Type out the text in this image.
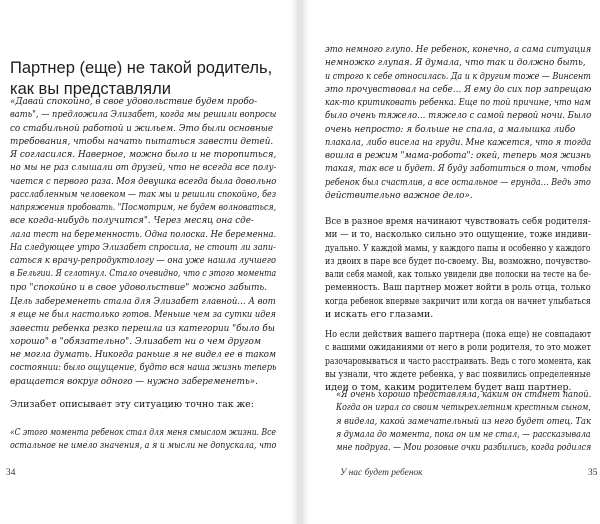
Партнер (еще) не такой родитель,
как вы представляли
«Давай спокойно, в свое удовольствие будем пробо-
вать", — предложила Элизабет, когда мы решили вопросы
со стабильной работой и жильем. Это были основные
требования, чтобы начать пытаться завести детей.
Я согласился. Наверное, можно было и не торопиться,
но мы не раз слышали от друзей, что не всегда все полу-
чается с первого раза. Моя девушка всегда была довольно
расслабленным человеком — так мы и решили спокойно, без
напряжения пробовать. "Посмотрим, не будем волноваться,
все когда-нибудь получится". Через месяц она сде-
лала тест на беременность. Одна полоска. Не беременна.
На следующее утро Элизабет спросила, не стоит ли запи-
саться к врачу-репродуктологу — она уже нашла лучшего
в Бельгии. Я сглотнул. Стало очевидно, что с этого момента
про "спокойно и в свое удовольствие" можно забыть.
Цель забеременеть стала для Элизабет главной… А вот
я еще не был настолько готов. Меньше чем за сутки идея
завести ребенка резко перешла из категории "было бы
хорошо" в "обязательно". Элизабет ни о чем другом
не могла думать. Никогда раньше я не видел ее в таком
состоянии: было ощущение, будто вся наша жизнь теперь
вращается вокруг одного — нужно забеременеть».
Элизабет описывает эту ситуацию точно так же:
«С этого момента ребенок стал для меня смыслом жизни. Все
остальное не имело значения, а я и мысли не допускала, что
34
это немного глупо. Не ребенок, конечно, а сама ситуация
немножко глупая. Я думала, что так и должно быть,
и строго к себе относилась. Да и к другим тоже — Винсент
это прочувствовал на себе… Я ему до сих пор запрещаю
как-то критиковать ребенка. Еще по той причине, что нам
было очень тяжело… тяжело с самой первой ночи. Было
очень непросто: я больше не спала, а малышка либо
плакала, либо висела на груди. Мне кажется, что я тогда
вошла в режим "мама-робота": окей, теперь моя жизнь
такая, так все и будет. Я буду заботиться о том, чтобы
ребенок был счастлив, а все остальное — ерунда… Ведь это
действительно важное дело».
Все в разное время начинают чувствовать себя родителя-
ми — и то, насколько сильно это ощущение, тоже индиви-
дуально. У каждой мамы, у каждого папы и особенно у каждого
из двоих в паре все будет по-своему. Вы, возможно, почувство-
вали себя мамой, как только увидели две полоски на тесте на бе-
ременность. Ваш партнер может войти в роль отца, только
когда ребенок впервые закричит или когда он начнет улыбаться
и искать его глазами.
Но если действия вашего партнера (пока еще) не совпадают
с вашими ожиданиями от него в роли родителя, то это может
разочаровываться и часто расстраивать. Ведь с того момента, как
вы узнали, что ждете ребенка, у вас появились определенные
идеи о том, каким родителем будет ваш партнер.
«Я очень хорошо представляла, каким он станет папой.
Когда он играл со своим четырехлетним крестным сыном,
я видела, какой замечательный из него будет отец. Так
я думала до момента, пока он им не стал, — рассказывала
мне подруга. — Мои розовые очки разбились, когда родился
У нас будет ребенок	35
